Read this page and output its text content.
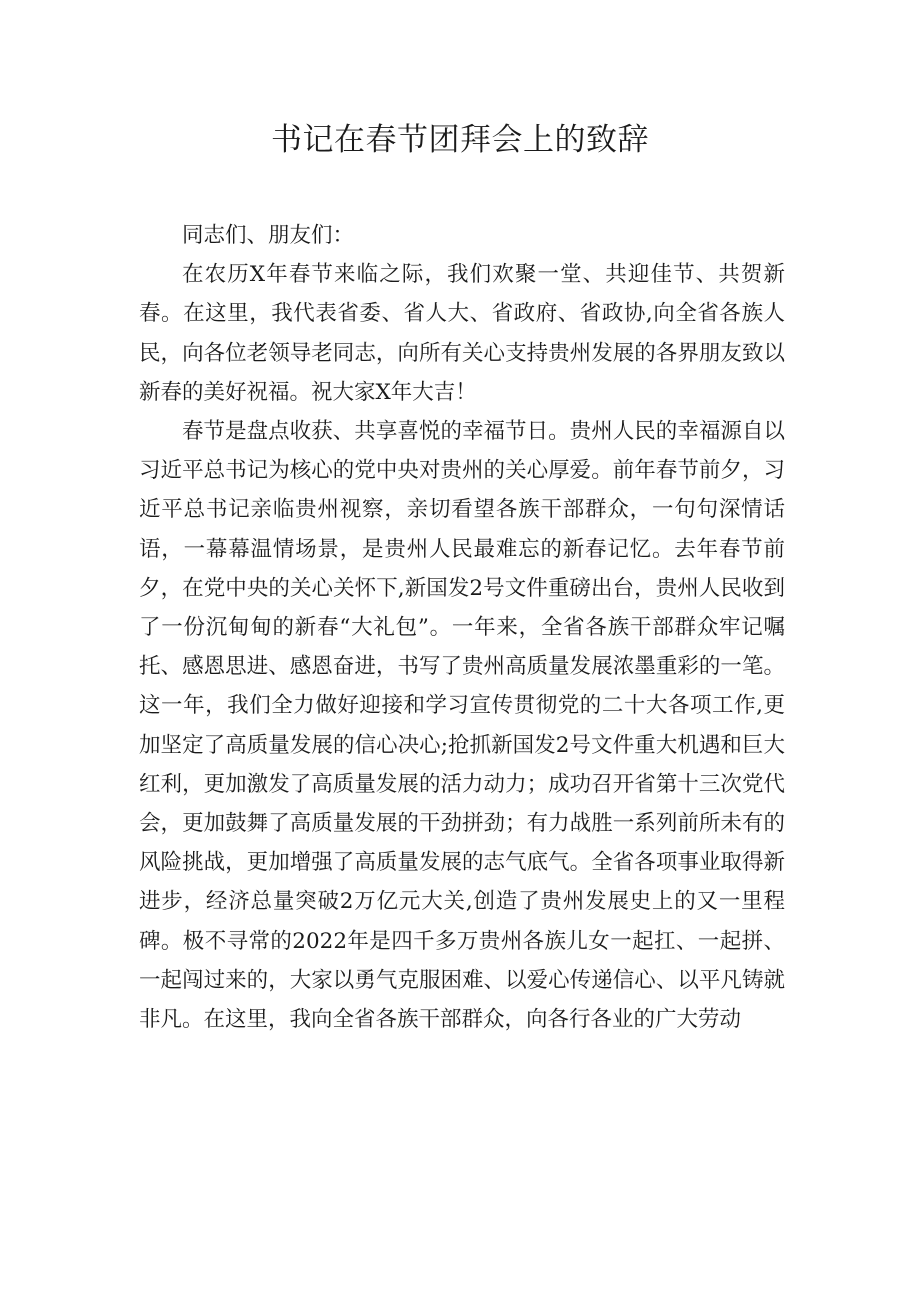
书记在春节团拜会上的致辞

同志们、朋友们：

在农历X年春节来临之际，我们欢聚一堂、共迎佳节、共贺新春。在这里，我代表省委、省人大、省政府、省政协,向全省各族人民，向各位老领导老同志，向所有关心支持贵州发展的各界朋友致以新春的美好祝福。祝大家X年大吉！

春节是盘点收获、共享喜悦的幸福节日。贵州人民的幸福源自以习近平总书记为核心的党中央对贵州的关心厚爱。前年春节前夕，习近平总书记亲临贵州视察，亲切看望各族干部群众，一句句深情话语，一幕幕温情场景，是贵州人民最难忘的新春记忆。去年春节前夕，在党中央的关心关怀下,新国发2号文件重磅出台，贵州人民收到了一份沉甸甸的新春“大礼包”。一年来，全省各族干部群众牢记嘱托、感恩思进、感恩奋进，书写了贵州高质量发展浓墨重彩的一笔。这一年，我们全力做好迎接和学习宣传贯彻党的二十大各项工作,更加坚定了高质量发展的信心决心;抢抓新国发2号文件重大机遇和巨大红利，更加激发了高质量发展的活力动力；成功召开省第十三次党代会，更加鼓舞了高质量发展的干劲拼劲；有力战胜一系列前所未有的风险挑战，更加增强了高质量发展的志气底气。全省各项事业取得新进步，经济总量突破2万亿元大关,创造了贵州发展史上的又一里程碑。极不寻常的2022年是四千多万贵州各族儿女一起扛、一起拼、一起闯过来的，大家以勇气克服困难、以爱心传递信心、以平凡铸就非凡。在这里，我向全省各族干部群众，向各行各业的广大劳动
